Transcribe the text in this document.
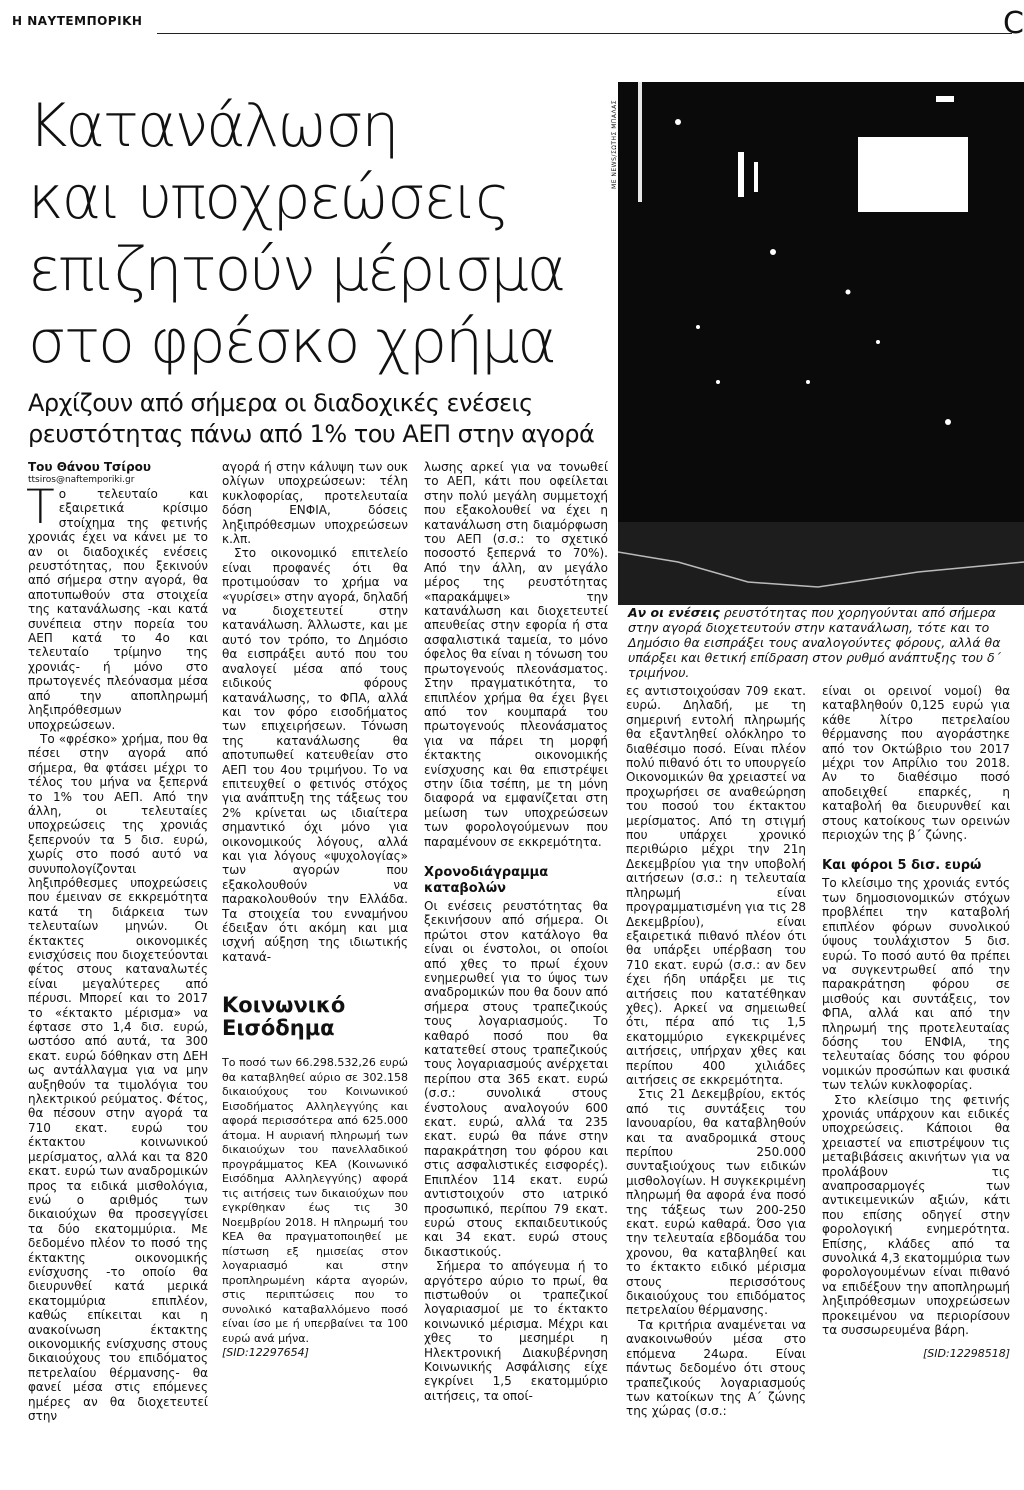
Η ΝΑΥΤΕΜΠΟΡΙΚΗ	C
Κατανάλωση
και υποχρεώσεις
επιζητούν μέρισμα
στο φρέσκο χρήμα
Αρχίζουν από σήμερα οι διαδοχικές ενέσεις
ρευστότητας πάνω από 1% του ΑΕΠ στην αγορά
ΜΕ NEWS/ΣΩΤΗΣ ΜΠΑΛΑΣ
Αν οι ενέσεις ρευστότητας που χορηγούνται από σήμερα στην αγορά διοχετευτούν στην κατανάλωση, τότε και το Δημόσιο θα εισπράξει τους αναλογούντες φόρους, αλλά θα υπάρξει και θετική επίδραση στον ρυθμό ανάπτυξης του δ΄ τριμήνου.

Του Θάνου Τσίρου

ttsiros@naftemporiki.gr

Το τελευταίο και εξαιρετικά κρίσιμο στοίχημα της φετινής χρονιάς έχει να κάνει με το αν οι διαδοχικές ενέσεις ρευστότητας, που ξεκινούν από σήμερα στην αγορά, θα αποτυπωθούν στα στοιχεία της κατανάλωσης -και κατά συνέπεια στην πορεία του ΑΕΠ κατά το 4ο και τελευταίο τρίμηνο της χρονιάς- ή μόνο στο πρωτογενές πλεόνασμα μέσα από την αποπληρωμή ληξιπρόθεσμων υποχρεώσεων.

Το «φρέσκο» χρήμα, που θα πέσει στην αγορά από σήμερα, θα φτάσει μέχρι το τέλος του μήνα να ξεπερνά το 1% του ΑΕΠ. Από την άλλη, οι τελευταίες υποχρεώσεις της χρονιάς ξεπερνούν τα 5 δισ. ευρώ, χωρίς στο ποσό αυτό να συνυπολογίζονται ληξιπρόθεσμες υποχρεώσεις που έμειναν σε εκκρεμότητα κατά τη διάρκεια των τελευταίων μηνών. Οι έκτακτες οικονομικές ενισχύσεις που διοχετεύονται φέτος στους καταναλωτές είναι μεγαλύτερες από πέρυσι. Μπορεί και το 2017 το «έκτακτο μέρισμα» να έφτασε στο 1,4 δισ. ευρώ, ωστόσο από αυτά, τα 300 εκατ. ευρώ δόθηκαν στη ΔΕΗ ως αντάλλαγμα για να μην αυξηθούν τα τιμολόγια του ηλεκτρικού ρεύματος. Φέτος, θα πέσουν στην αγορά τα 710 εκατ. ευρώ του έκτακτου κοινωνικού μερίσματος, αλλά και τα 820 εκατ. ευρώ των αναδρομικών προς τα ειδικά μισθολόγια, ενώ ο αριθμός των δικαιούχων θα προσεγγίσει τα δύο εκατομμύρια. Με δεδομένο πλέον το ποσό της έκτακτης οικονομικής ενίσχυσης -το οποίο θα διευρυνθεί κατά μερικά εκατομμύρια επιπλέον, καθώς επίκειται και η ανακοίνωση έκτακτης οικονομικής ενίσχυσης στους δικαιούχους του επιδόματος πετρελαίου θέρμανσης- θα φανεί μέσα στις επόμενες ημέρες αν θα διοχετευτεί στην

αγορά ή στην κάλυψη των ουκ ολίγων υποχρεώσεων: τέλη κυκλοφορίας, προτελευταία δόση ΕΝΦΙΑ, δόσεις ληξιπρόθεσμων υποχρεώσεων κ.λπ.

Στο οικονομικό επιτελείο είναι προφανές ότι θα προτιμούσαν το χρήμα να «γυρίσει» στην αγορά, δηλαδή να διοχετευτεί στην κατανάλωση. Άλλωστε, και με αυτό τον τρόπο, το Δημόσιο θα εισπράξει αυτό που του αναλογεί μέσα από τους ειδικούς φόρους κατανάλωσης, το ΦΠΑ, αλλά και τον φόρο εισοδήματος των επιχειρήσεων. Τόνωση της κατανάλωσης θα αποτυπωθεί κατευθείαν στο ΑΕΠ του 4ου τριμήνου. Το να επιτευχθεί ο φετινός στόχος για ανάπτυξη της τάξεως του 2% κρίνεται ως ιδιαίτερα σημαντικό όχι μόνο για οικονομικούς λόγους, αλλά και για λόγους «ψυχολογίας» των αγορών που εξακολουθούν να παρακολουθούν την Ελλάδα. Τα στοιχεία του ενναμήνου έδειξαν ότι ακόμη και μια ισχνή αύξηση της ιδιωτικής κατανά-

Κοινωνικό
Εισόδημα

Το ποσό των 66.298.532,26 ευρώ θα καταβληθεί αύριο σε 302.158 δικαιούχους του Κοινωνικού Εισοδήματος Αλληλεγγύης και αφορά περισσότερα από 625.000 άτομα. Η αυριανή πληρωμή των δικαιούχων του πανελλαδικού προγράμματος ΚΕΑ (Κοινωνικό Εισόδημα Αλληλεγγύης) αφορά τις αιτήσεις των δικαιούχων που εγκρίθηκαν έως τις 30 Νοεμβρίου 2018. Η πληρωμή του ΚΕΑ θα πραγματοποιηθεί με πίστωση εξ ημισείας στον λογαριασμό και στην προπληρωμένη κάρτα αγορών, στις περιπτώσεις που το συνολικό καταβαλλόμενο ποσό είναι ίσο με ή υπερβαίνει τα 100 ευρώ ανά μήνα.

[SID:12297654]

λωσης αρκεί για να τονωθεί το ΑΕΠ, κάτι που οφείλεται στην πολύ μεγάλη συμμετοχή που εξακολουθεί να έχει η κατανάλωση στη διαμόρφωση του ΑΕΠ (σ.σ.: το σχετικό ποσοστό ξεπερνά το 70%). Από την άλλη, αν μεγάλο μέρος της ρευστότητας «παρακάμψει» την κατανάλωση και διοχετευτεί απευθείας στην εφορία ή στα ασφαλιστικά ταμεία, το μόνο όφελος θα είναι η τόνωση του πρωτογενούς πλεονάσματος. Στην πραγματικότητα, το επιπλέον χρήμα θα έχει βγει από τον κουμπαρά του πρωτογενούς πλεονάσματος για να πάρει τη μορφή έκτακτης οικονομικής ενίσχυσης και θα επιστρέψει στην ίδια τσέπη, με τη μόνη διαφορά να εμφανίζεται στη μείωση των υποχρεώσεων των φορολογούμενων που παραμένουν σε εκκρεμότητα.

Χρονοδιάγραμμα καταβολών

Οι ενέσεις ρευστότητας θα ξεκινήσουν από σήμερα. Οι πρώτοι στον κατάλογο θα είναι οι ένστολοι, οι οποίοι από χθες το πρωί έχουν ενημερωθεί για το ύψος των αναδρομικών που θα δουν από σήμερα στους τραπεζικούς τους λογαριασμούς. Το καθαρό ποσό που θα κατατεθεί στους τραπεζικούς τους λογαριασμούς ανέρχεται περίπου στα 365 εκατ. ευρώ (σ.σ.: συνολικά στους ένστολους αναλογούν 600 εκατ. ευρώ, αλλά τα 235 εκατ. ευρώ θα πάνε στην παρακράτηση του φόρου και στις ασφαλιστικές εισφορές). Επιπλέον 114 εκατ. ευρώ αντιστοιχούν στο ιατρικό προσωπικό, περίπου 79 εκατ. ευρώ στους εκπαιδευτικούς και 34 εκατ. ευρώ στους δικαστικούς.

Σήμερα το απόγευμα ή το αργότερο αύριο το πρωί, θα πιστωθούν οι τραπεζικοί λογαριασμοί με το έκτακτο κοινωνικό μέρισμα. Μέχρι και χθες το μεσημέρι η Ηλεκτρονική Διακυβέρνηση Κοινωνικής Ασφάλισης είχε εγκρίνει 1,5 εκατομμύριο αιτήσεις, τα οποί-

ες αντιστοιχούσαν 709 εκατ. ευρώ. Δηλαδή, με τη σημερινή εντολή πληρωμής θα εξαντληθεί ολόκληρο το διαθέσιμο ποσό. Είναι πλέον πολύ πιθανό ότι το υπουργείο Οικονομικών θα χρειαστεί να προχωρήσει σε αναθεώρηση του ποσού του έκτακτου μερίσματος. Από τη στιγμή που υπάρχει χρονικό περιθώριο μέχρι την 21η Δεκεμβρίου για την υποβολή αιτήσεων (σ.σ.: η τελευταία πληρωμή είναι προγραμματισμένη για τις 28 Δεκεμβρίου), είναι εξαιρετικά πιθανό πλέον ότι θα υπάρξει υπέρβαση του 710 εκατ. ευρώ (σ.σ.: αν δεν έχει ήδη υπάρξει με τις αιτήσεις που κατατέθηκαν χθες). Αρκεί να σημειωθεί ότι, πέρα από τις 1,5 εκατομμύριο εγκεκριμένες αιτήσεις, υπήρχαν χθες και περίπου 400 χιλιάδες αιτήσεις σε εκκρεμότητα.

Στις 21 Δεκεμβρίου, εκτός από τις συντάξεις του Ιανουαρίου, θα καταβληθούν και τα αναδρομικά στους περίπου 250.000 συνταξιούχους των ειδικών μισθολογίων. Η συγκεκριμένη πληρωμή θα αφορά ένα ποσό της τάξεως των 200-250 εκατ. ευρώ καθαρά. Όσο για την τελευταία εβδομάδα του χρονου, θα καταβληθεί και το έκτακτο ειδικό μέρισμα στους περισσότους δικαιούχους του επιδόματος πετρελαίου θέρμανσης.

Τα κριτήρια αναμένεται να ανακοινωθούν μέσα στο επόμενα 24ωρα. Είναι πάντως δεδομένο ότι στους τραπεζικούς λογαριασμούς των κατοίκων της Α΄ ζώνης της χώρας (σ.σ.:

είναι οι ορεινοί νομοί) θα καταβληθούν 0,125 ευρώ για κάθε λίτρο πετρελαίου θέρμανσης που αγοράστηκε από τον Οκτώβριο του 2017 μέχρι τον Απρίλιο του 2018. Αν το διαθέσιμο ποσό αποδειχθεί επαρκές, η καταβολή θα διευρυνθεί και στους κατοίκους των ορεινών περιοχών της β΄ ζώνης.

Και φόροι 5 δισ. ευρώ

Το κλείσιμο της χρονιάς εντός των δημοσιονομικών στόχων προβλέπει την καταβολή επιπλέον φόρων συνολικού ύψους τουλάχιστον 5 δισ. ευρώ. Το ποσό αυτό θα πρέπει να συγκεντρωθεί από την παρακράτηση φόρου σε μισθούς και συντάξεις, τον ΦΠΑ, αλλά και από την πληρωμή της προτελευταίας δόσης του ΕΝΦΙΑ, της τελευταίας δόσης του φόρου νομικών προσώπων και φυσικά των τελών κυκλοφορίας.

Στο κλείσιμο της φετινής χρονιάς υπάρχουν και ειδικές υποχρεώσεις. Κάποιοι θα χρειαστεί να επιστρέψουν τις μεταβιβάσεις ακινήτων για να προλάβουν τις αναπροσαρμογές των αντικειμενικών αξιών, κάτι που επίσης οδηγεί στην φορολογική ενημερότητα. Επίσης, κλάδες από τα συνολικά 4,3 εκατομμύρια των φορολογουμένων είναι πιθανό να επιδέξουν την αποπληρωμή ληξιπρόθεσμων υποχρεώσεων προκειμένου να περιορίσουν τα συσσωρευμένα βάρη.

[SID:12298518]
